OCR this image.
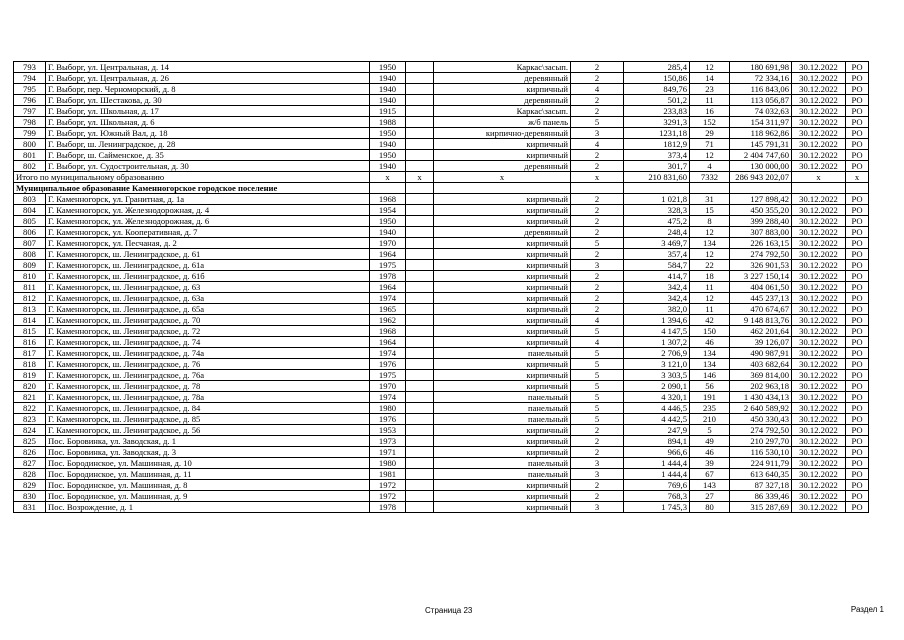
793	Г. Выборг, ул. Центральная, д. 14	1950		Каркас\засып.	2	285,4	12	180 691,98	30.12.2022	РО
794	Г. Выборг, ул. Центральная, д. 26	1940		деревянный	2	150,86	14	72 334,16	30.12.2022	РО
795	Г. Выборг, пер. Черноморский, д. 8	1940		кирпичный	4	849,76	23	116 843,06	30.12.2022	РО
796	Г. Выборг, ул. Шестакова, д. 30	1940		деревянный	2	501,2	11	113 056,87	30.12.2022	РО
797	Г. Выборг, ул. Школьная, д. 17	1915		Каркас\засып.	2	233,83	16	74 032,63	30.12.2022	РО
798	Г. Выборг, ул. Школьная, д. 6	1988		ж/б панель	5	3291,3	152	154 311,97	30.12.2022	РО
799	Г. Выборг, ул. Южный Вал, д. 18	1950		кирпично-деревянный	3	1231,18	29	118 962,86	30.12.2022	РО
800	Г. Выборг, ш. Ленинградское, д. 28	1940		кирпичный	4	1812,9	71	145 791,31	30.12.2022	РО
801	Г. Выборг, ш. Сайменское, д. 35	1950		кирпичный	2	373,4	12	2 404 747,60	30.12.2022	РО
802	Г. Выборг, ул. Судостроительная, д. 30	1940		деревянный	2	301,7	4	130 000,00	30.12.2022	РО
Итого по муниципальному образованию		x	x	x	x	210 831,60	7332	286 943 202,07	x	x
Муниципальное образование Каменногорское городское поселение										
803	Г. Каменногорск, ул. Гранитная, д. 1а	1968		кирпичный	2	1 021,8	31	127 898,42	30.12.2022	РО
804	Г. Каменногорск, ул. Железнодорожная, д. 4	1954		кирпичный	2	328,3	15	450 355,20	30.12.2022	РО
805	Г. Каменногорск, ул. Железнодорожная, д. 6	1950		кирпичный	2	475,2	8	399 288,40	30.12.2022	РО
806	Г. Каменногорск, ул. Кооперативная, д. 7	1940		деревянный	2	248,4	12	307 883,00	30.12.2022	РО
807	Г. Каменногорск, ул. Песчаная, д. 2	1970		кирпичный	5	3 469,7	134	226 163,15	30.12.2022	РО
808	Г. Каменногорск, ш. Ленинградское, д. 61	1964		кирпичный	2	357,4	12	274 792,50	30.12.2022	РО
809	Г. Каменногорск, ш. Ленинградское, д. 61а	1975		кирпичный	3	584,7	22	326 901,53	30.12.2022	РО
810	Г. Каменногорск, ш. Ленинградское, д. 61б	1978		кирпичный	2	414,7	18	3 227 150,14	30.12.2022	РО
811	Г. Каменногорск, ш. Ленинградское, д. 63	1964		кирпичный	2	342,4	11	404 061,50	30.12.2022	РО
812	Г. Каменногорск, ш. Ленинградское, д. 63а	1974		кирпичный	2	342,4	12	445 237,13	30.12.2022	РО
813	Г. Каменногорск, ш. Ленинградское, д. 65а	1965		кирпичный	2	382,0	11	470 674,67	30.12.2022	РО
814	Г. Каменногорск, ш. Ленинградское, д. 70	1962		кирпичный	4	1 394,6	42	9 148 813,76	30.12.2022	РО
815	Г. Каменногорск, ш. Ленинградское, д. 72	1968		кирпичный	5	4 147,5	150	462 201,64	30.12.2022	РО
816	Г. Каменногорск, ш. Ленинградское, д. 74	1964		кирпичный	4	1 307,2	46	39 126,07	30.12.2022	РО
817	Г. Каменногорск, ш. Ленинградское, д. 74а	1974		панельный	5	2 706,9	134	490 987,91	30.12.2022	РО
818	Г. Каменногорск, ш. Ленинградское, д. 76	1976		кирпичный	5	3 121,0	134	403 682,64	30.12.2022	РО
819	Г. Каменногорск, ш. Ленинградское, д. 76а	1975		кирпичный	5	3 303,5	146	369 814,00	30.12.2022	РО
820	Г. Каменногорск, ш. Ленинградское, д. 78	1970		кирпичный	5	2 090,1	56	202 963,18	30.12.2022	РО
821	Г. Каменногорск, ш. Ленинградское, д. 78а	1974		панельный	5	4 320,1	191	1 430 434,13	30.12.2022	РО
822	Г. Каменногорск, ш. Ленинградское, д. 84	1980		панельный	5	4 446,5	235	2 640 589,92	30.12.2022	РО
823	Г. Каменногорск, ш. Ленинградское, д. 85	1976		панельный	5	4 442,5	210	450 330,43	30.12.2022	РО
824	Г. Каменногорск, ш. Ленинградское, д. 56	1953		кирпичный	2	247,9	5	274 792,50	30.12.2022	РО
825	Пос. Боровинка, ул. Заводская, д. 1	1973		кирпичный	2	894,1	49	210 297,70	30.12.2022	РО
826	Пос. Боровинка, ул. Заводская, д. 3	1971		кирпичный	2	966,6	46	116 530,10	30.12.2022	РО
827	Пос. Бородинское, ул. Машинная, д. 10	1980		панельный	3	1 444,4	39	224 911,79	30.12.2022	РО
828	Пос. Бородинское, ул. Машинная, д. 11	1981		панельный	3	1 444,4	67	613 640,35	30.12.2022	РО
829	Пос. Бородинское, ул. Машинная, д. 8	1972		кирпичный	2	769,6	143	87 327,18	30.12.2022	РО
830	Пос. Бородинское, ул. Машинная, д. 9	1972		кирпичный	2	768,3	27	86 339,46	30.12.2022	РО
831	Пос. Возрождение, д. 1	1978		кирпичный	3	1 745,3	80	315 287,69	30.12.2022	РО
Страница 23	Раздел 1
